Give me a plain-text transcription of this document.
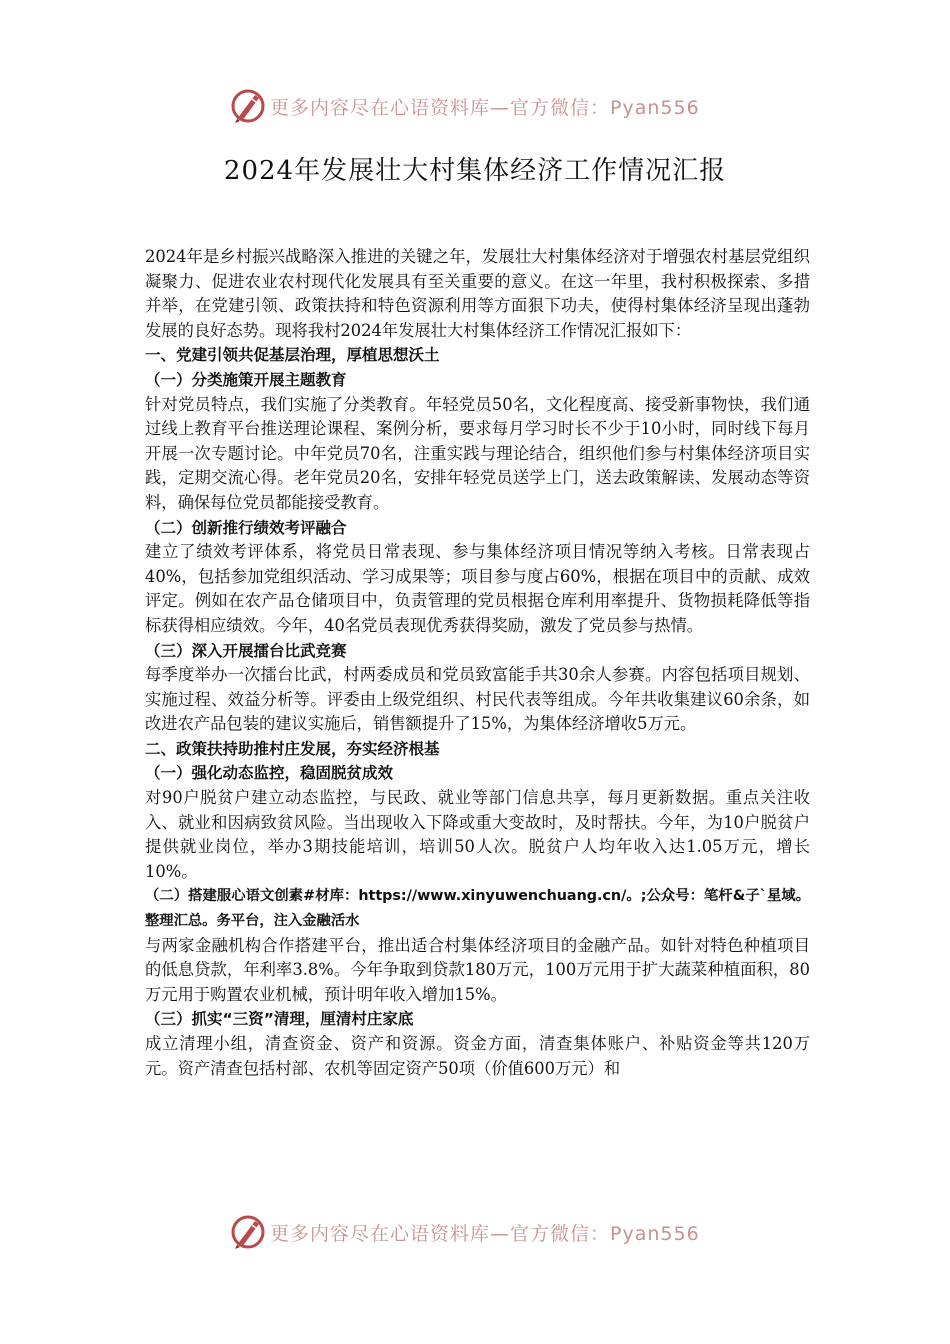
更多内容尽在心语资料库—官方微信：Pyan556
2024年发展壮大村集体经济工作情况汇报

2024年是乡村振兴战略深入推进的关键之年，发展壮大村集体经济对于增强农村基层党组织凝聚力、促进农业农村现代化发展具有至关重要的意义。在这一年里，我村积极探索、多措并举，在党建引领、政策扶持和特色资源利用等方面狠下功夫，使得村集体经济呈现出蓬勃发展的良好态势。现将我村2024年发展壮大村集体经济工作情况汇报如下：

一、党建引领共促基层治理，厚植思想沃土

（一）分类施策开展主题教育

针对党员特点，我们实施了分类教育。年轻党员50名，文化程度高、接受新事物快，我们通过线上教育平台推送理论课程、案例分析，要求每月学习时长不少于10小时，同时线下每月开展一次专题讨论。中年党员70名，注重实践与理论结合，组织他们参与村集体经济项目实践，定期交流心得。老年党员20名，安排年轻党员送学上门，送去政策解读、发展动态等资料，确保每位党员都能接受教育。

（二）创新推行绩效考评融合

建立了绩效考评体系，将党员日常表现、参与集体经济项目情况等纳入考核。日常表现占40%，包括参加党组织活动、学习成果等；项目参与度占60%，根据在项目中的贡献、成效评定。例如在农产品仓储项目中，负责管理的党员根据仓库利用率提升、货物损耗降低等指标获得相应绩效。今年，40名党员表现优秀获得奖励，激发了党员参与热情。

（三）深入开展擂台比武竞赛

每季度举办一次擂台比武，村两委成员和党员致富能手共30余人参赛。内容包括项目规划、实施过程、效益分析等。评委由上级党组织、村民代表等组成。今年共收集建议60余条，如改进农产品包装的建议实施后，销售额提升了15%，为集体经济增收5万元。

二、政策扶持助推村庄发展，夯实经济根基

（一）强化动态监控，稳固脱贫成效

对90户脱贫户建立动态监控，与民政、就业等部门信息共享，每月更新数据。重点关注收入、就业和因病致贫风险。当出现收入下降或重大变故时，及时帮扶。今年，为10户脱贫户提供就业岗位，举办3期技能培训，培训50人次。脱贫户人均年收入达1.05万元，增长10%。

（二）搭建服心语文创素#材库：https://www.xinyuwenchuang.cn/。;公众号：笔杆&子`星域。整理汇总。务平台，注入金融活水

与两家金融机构合作搭建平台，推出适合村集体经济项目的金融产品。如针对特色种植项目的低息贷款，年利率3.8%。今年争取到贷款180万元，100万元用于扩大蔬菜种植面积，80万元用于购置农业机械，预计明年收入增加15%。

（三）抓实“三资”清理，厘清村庄家底

成立清理小组，清查资金、资产和资源。资金方面，清查集体账户、补贴资金等共120万元。资产清查包括村部、农机等固定资产50项（价值600万元）和

更多内容尽在心语资料库—官方微信：Pyan556
